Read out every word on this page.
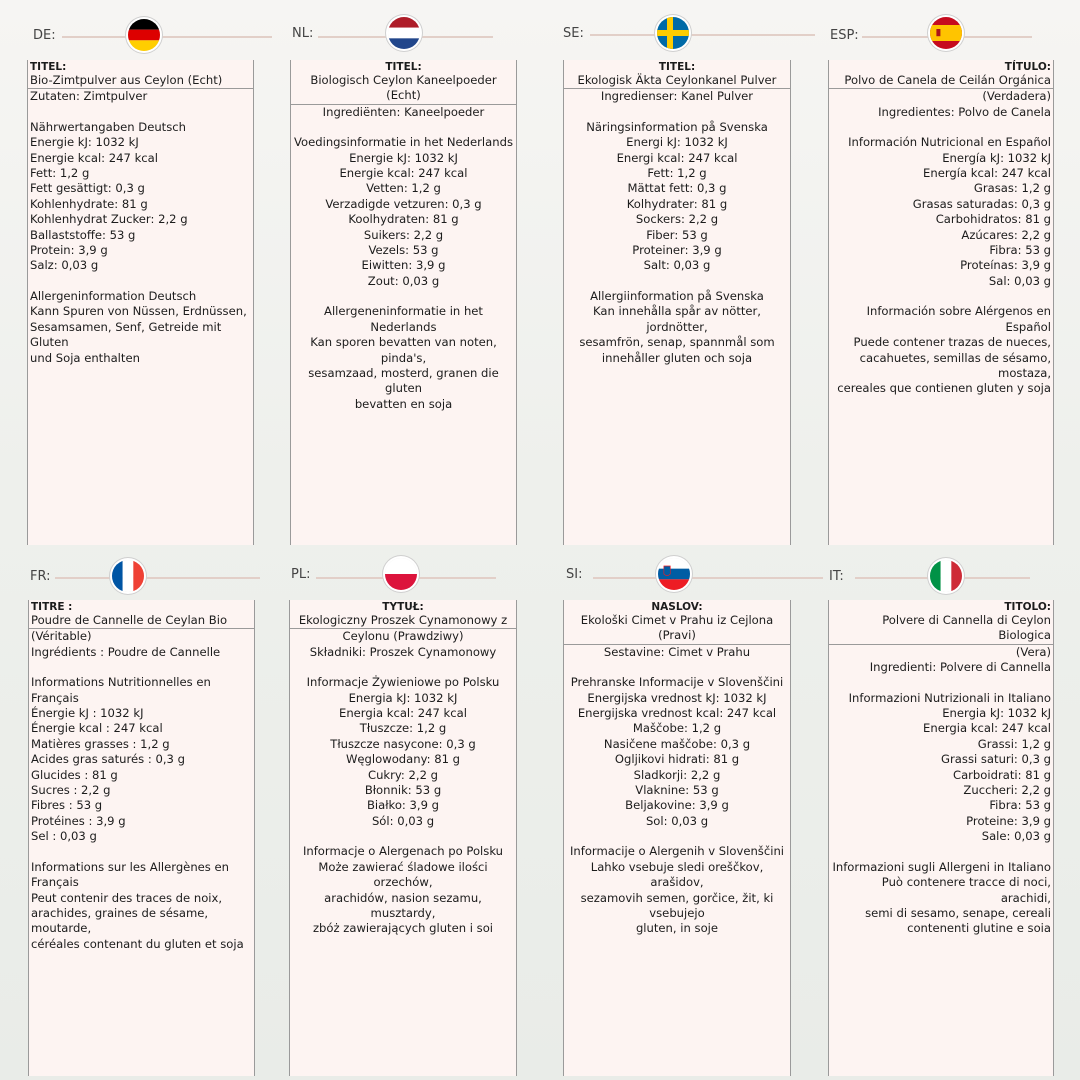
DE:	NL:	SE:	ESP:
TITEL:
Bio-Zimtpulver aus Ceylon (Echt)
Zutaten: Zimtpulver
Nährwertangaben Deutsch
Energie kJ: 1032 kJ
Energie kcal: 247 kcal
Fett: 1,2 g
Fett gesättigt: 0,3 g
Kohlenhydrate: 81 g
Kohlenhydrat Zucker: 2,2 g
Ballaststoffe: 53 g
Protein: 3,9 g
Salz: 0,03 g
Allergeninformation Deutsch
Kann Spuren von Nüssen, Erdnüssen,
Sesamsamen, Senf, Getreide mit Gluten
und Soja enthalten
TITEL:
Biologisch Ceylon Kaneelpoeder (Echt)
Ingrediënten: Kaneelpoeder
Voedingsinformatie in het Nederlands
Energie kJ: 1032 kJ
Energie kcal: 247 kcal
Vetten: 1,2 g
Verzadigde vetzuren: 0,3 g
Koolhydraten: 81 g
Suikers: 2,2 g
Vezels: 53 g
Eiwitten: 3,9 g
Zout: 0,03 g
Allergeneninformatie in het Nederlands
Kan sporen bevatten van noten, pinda's,
sesamzaad, mosterd, granen die gluten
bevatten en soja
TITEL:
Ekologisk Äkta Ceylonkanel Pulver
Ingredienser: Kanel Pulver
Näringsinformation på Svenska
Energi kJ: 1032 kJ
Energi kcal: 247 kcal
Fett: 1,2 g
Mättat fett: 0,3 g
Kolhydrater: 81 g
Sockers: 2,2 g
Fiber: 53 g
Proteiner: 3,9 g
Salt: 0,03 g
Allergiinformation på Svenska
Kan innehålla spår av nötter, jordnötter,
sesamfrön, senap, spannmål som
innehåller gluten och soja
TÍTULO:
Polvo de Canela de Ceilán Orgánica
(Verdadera)
Ingredientes: Polvo de Canela
Información Nutricional en Español
Energía kJ: 1032 kJ
Energía kcal: 247 kcal
Grasas: 1,2 g
Grasas saturadas: 0,3 g
Carbohidratos: 81 g
Azúcares: 2,2 g
Fibra: 53 g
Proteínas: 3,9 g
Sal: 0,03 g
Información sobre Alérgenos en Español
Puede contener trazas de nueces,
cacahuetes, semillas de sésamo, mostaza,
cereales que contienen gluten y soja
FR:	PL:	SI:	IT:
TITRE :
Poudre de Cannelle de Ceylan Bio
(Véritable)
Ingrédients : Poudre de Cannelle
Informations Nutritionnelles en Français
Énergie kJ : 1032 kJ
Énergie kcal : 247 kcal
Matières grasses : 1,2 g
Acides gras saturés : 0,3 g
Glucides : 81 g
Sucres : 2,2 g
Fibres : 53 g
Protéines : 3,9 g
Sel : 0,03 g
Informations sur les Allergènes en
Français
Peut contenir des traces de noix,
arachides, graines de sésame, moutarde,
céréales contenant du gluten et soja
TYTUŁ:
Ekologiczny Proszek Cynamonowy z
Ceylonu (Prawdziwy)
Składniki: Proszek Cynamonowy
Informacje Żywieniowe po Polsku
Energia kJ: 1032 kJ
Energia kcal: 247 kcal
Tłuszcze: 1,2 g
Tłuszcze nasycone: 0,3 g
Węglowodany: 81 g
Cukry: 2,2 g
Błonnik: 53 g
Białko: 3,9 g
Sól: 0,03 g
Informacje o Alergenach po Polsku
Może zawierać śladowe ilości orzechów,
arachidów, nasion sezamu, musztardy,
zbóż zawierających gluten i soi
NASLOV:
Ekološki Cimet v Prahu iz Cejlona (Pravi)
Sestavine: Cimet v Prahu
Prehranske Informacije v Slovenščini
Energijska vrednost kJ: 1032 kJ
Energijska vrednost kcal: 247 kcal
Maščobe: 1,2 g
Nasičene maščobe: 0,3 g
Ogljikovi hidrati: 81 g
Sladkorji: 2,2 g
Vlaknine: 53 g
Beljakovine: 3,9 g
Sol: 0,03 g
Informacije o Alergenih v Slovenščini
Lahko vsebuje sledi oreščkov, arašidov,
sezamovih semen, gorčice, žit, ki vsebujejo
gluten, in soje
TITOLO:
Polvere di Cannella di Ceylon Biologica
(Vera)
Ingredienti: Polvere di Cannella
Informazioni Nutrizionali in Italiano
Energia kJ: 1032 kJ
Energia kcal: 247 kcal
Grassi: 1,2 g
Grassi saturi: 0,3 g
Carboidrati: 81 g
Zuccheri: 2,2 g
Fibra: 53 g
Proteine: 3,9 g
Sale: 0,03 g
Informazioni sugli Allergeni in Italiano
Può contenere tracce di noci, arachidi,
semi di sesamo, senape, cereali
contenenti glutine e soia
